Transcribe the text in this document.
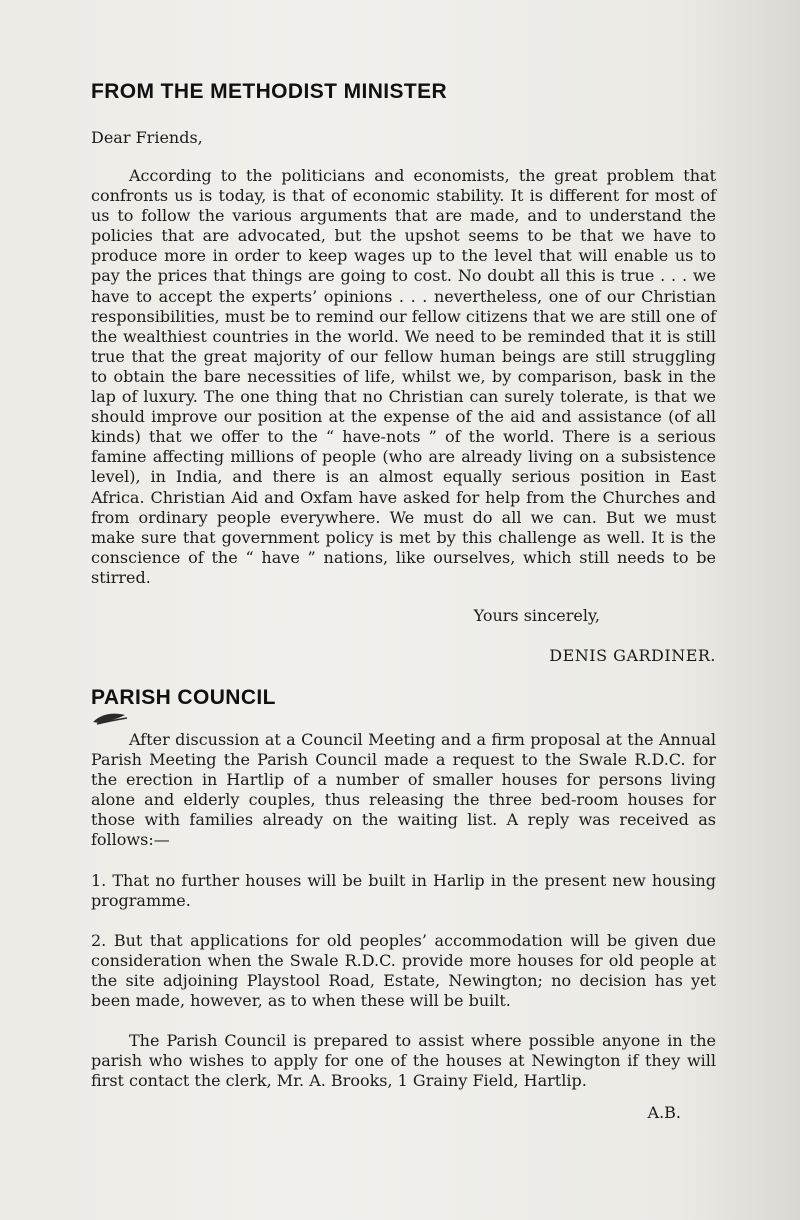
FROM THE METHODIST MINISTER
Dear Friends,

According to the politicians and economists, the great problem that confronts us is today, is that of economic stability. It is different for most of us to follow the various arguments that are made, and to understand the policies that are advocated, but the upshot seems to be that we have to produce more in order to keep wages up to the level that will enable us to pay the prices that things are going to cost. No doubt all this is true . . . we have to accept the experts’ opinions . . . nevertheless, one of our Christian responsibilities, must be to remind our fellow citizens that we are still one of the wealthiest countries in the world. We need to be reminded that it is still true that the great majority of our fellow human beings are still struggling to obtain the bare necessities of life, whilst we, by comparison, bask in the lap of luxury. The one thing that no Christian can surely tolerate, is that we should improve our position at the expense of the aid and assistance (of all kinds) that we offer to the “ have-nots ” of the world. There is a serious famine affecting millions of people (who are already living on a subsistence level), in India, and there is an almost equally serious position in East Africa. Christian Aid and Oxfam have asked for help from the Churches and from ordinary people everywhere. We must do all we can. But we must make sure that government policy is met by this challenge as well. It is the conscience of the “ have ” nations, like ourselves, which still needs to be stirred.

Yours sincerely,
DENIS GARDINER.
PARISH COUNCIL

After discussion at a Council Meeting and a firm proposal at the Annual Parish Meeting the Parish Council made a request to the Swale R.D.C. for the erection in Hartlip of a number of smaller houses for persons living alone and elderly couples, thus releasing the three bed-room houses for those with families already on the waiting list. A reply was received as follows:—

1. That no further houses will be built in Harlip in the present new housing programme.

2. But that applications for old peoples’ accommodation will be given due consideration when the Swale R.D.C. provide more houses for old people at the site adjoining Playstool Road, Estate, Newington; no decision has yet been made, however, as to when these will be built.

The Parish Council is prepared to assist where possible anyone in the parish who wishes to apply for one of the houses at Newington if they will first contact the clerk, Mr. A. Brooks, 1 Grainy Field, Hartlip.

A.B.
